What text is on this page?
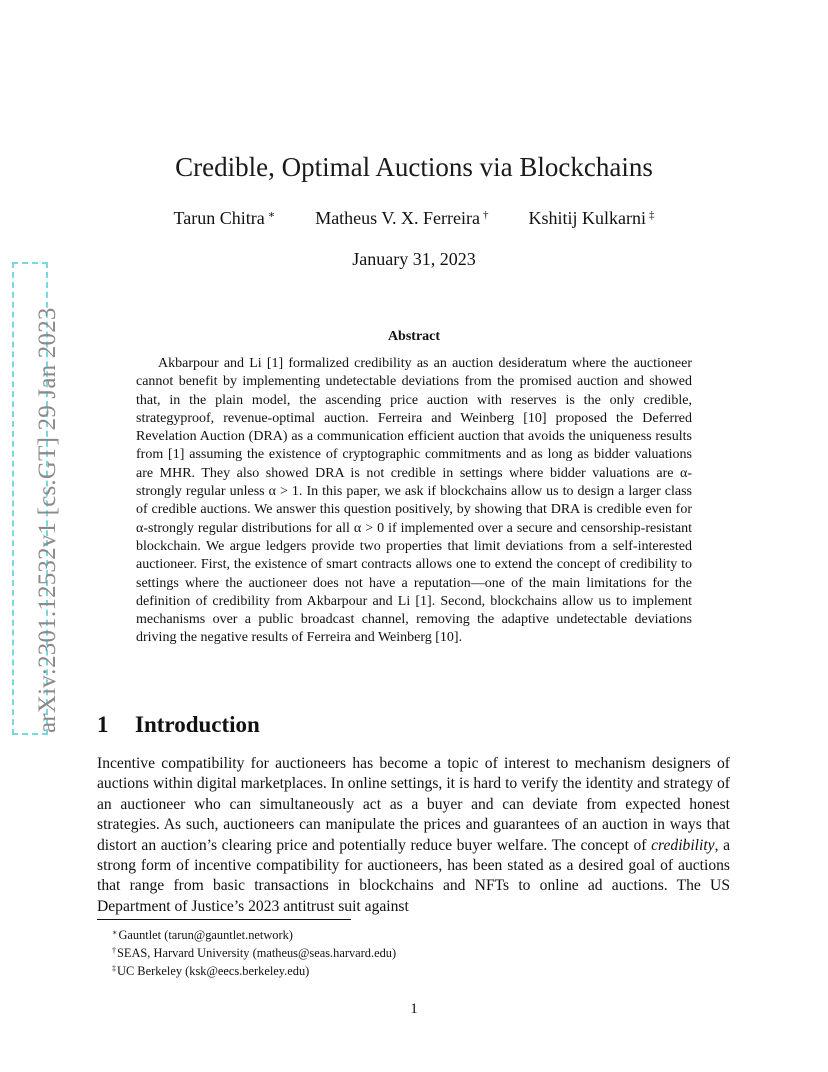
arXiv:2301.12532v1 [cs.GT] 29 Jan 2023
Credible, Optimal Auctions via Blockchains
Tarun Chitra ∗ Matheus V. X. Ferreira † Kshitij Kulkarni ‡
January 31, 2023
Abstract
Akbarpour and Li [1] formalized credibility as an auction desideratum where the auctioneer cannot benefit by implementing undetectable deviations from the promised auction and showed that, in the plain model, the ascending price auction with reserves is the only credible, strategyproof, revenue-optimal auction. Ferreira and Weinberg [10] proposed the Deferred Revelation Auction (DRA) as a communication efficient auction that avoids the uniqueness results from [1] assuming the existence of cryptographic commitments and as long as bidder valuations are MHR. They also showed DRA is not credible in settings where bidder valuations are α-strongly regular unless α > 1. In this paper, we ask if blockchains allow us to design a larger class of credible auctions. We answer this question positively, by showing that DRA is credible even for α-strongly regular distributions for all α > 0 if implemented over a secure and censorship-resistant blockchain. We argue ledgers provide two properties that limit deviations from a self-interested auctioneer. First, the existence of smart contracts allows one to extend the concept of credibility to settings where the auctioneer does not have a reputation—one of the main limitations for the definition of credibility from Akbarpour and Li [1]. Second, blockchains allow us to implement mechanisms over a public broadcast channel, removing the adaptive undetectable deviations driving the negative results of Ferreira and Weinberg [10].
1 Introduction
Incentive compatibility for auctioneers has become a topic of interest to mechanism designers of auctions within digital marketplaces. In online settings, it is hard to verify the identity and strategy of an auctioneer who can simultaneously act as a buyer and can deviate from expected honest strategies. As such, auctioneers can manipulate the prices and guarantees of an auction in ways that distort an auction’s clearing price and potentially reduce buyer welfare. The concept of credibility, a strong form of incentive compatibility for auctioneers, has been stated as a desired goal of auctions that range from basic transactions in blockchains and NFTs to online ad auctions. The US Department of Justice’s 2023 antitrust suit against
∗Gauntlet (tarun@gauntlet.network)
†SEAS, Harvard University (matheus@seas.harvard.edu)
‡UC Berkeley (ksk@eecs.berkeley.edu)
1
